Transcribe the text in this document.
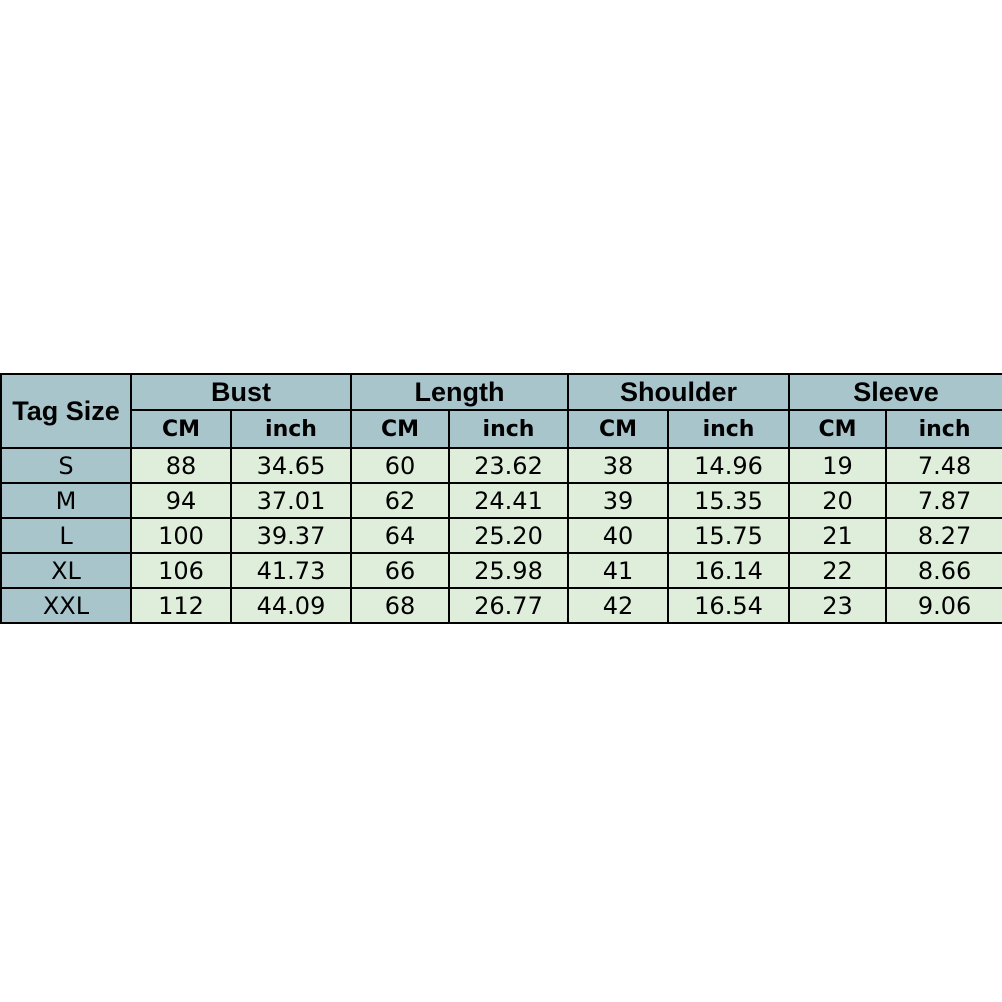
Tag Size	Bust		Length		Shoulder		Sleeve	
	CM	inch	CM	inch	CM	inch	CM	inch
S	88	34.65	60	23.62	38	14.96	19	7.48
M	94	37.01	62	24.41	39	15.35	20	7.87
L	100	39.37	64	25.20	40	15.75	21	8.27
XL	106	41.73	66	25.98	41	16.14	22	8.66
XXL	112	44.09	68	26.77	42	16.54	23	9.06
